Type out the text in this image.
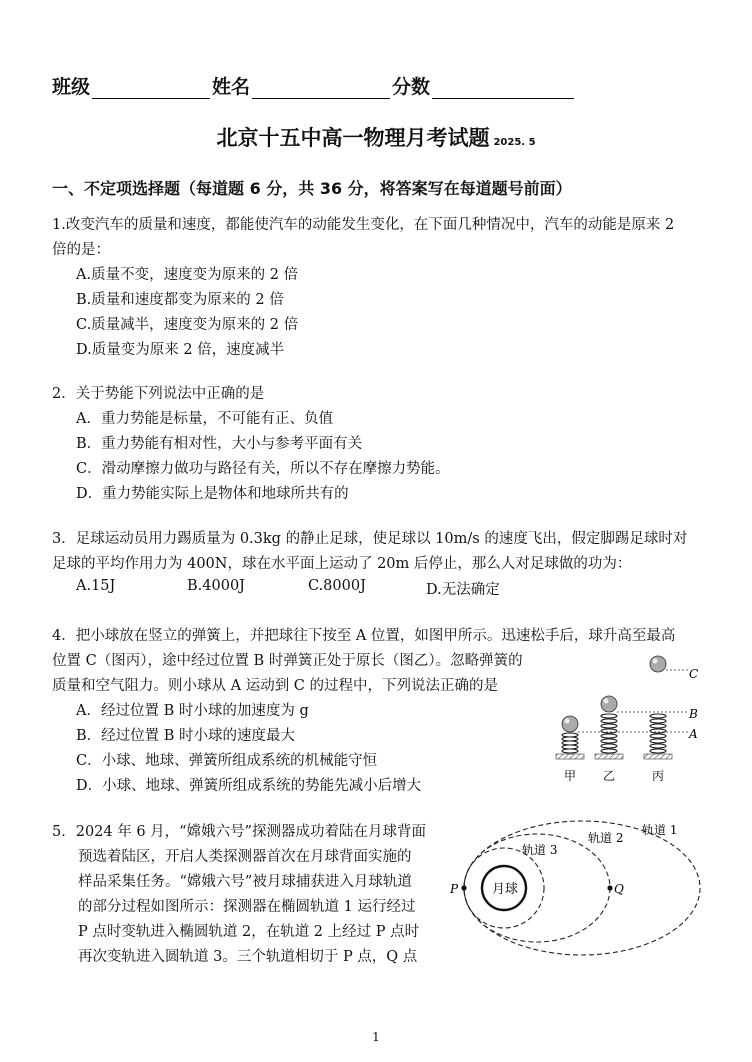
班级	姓名	分数
北京十五中高一物理月考试题 2025. 5
一、不定项选择题（每道题 6 分，共 36 分，将答案写在每道题号前面）
1.改变汽车的质量和速度，都能使汽车的动能发生变化，在下面几种情况中，汽车的动能是原来 2
倍的是：
A.质量不变，速度变为原来的 2 倍
B.质量和速度都变为原来的 2 倍
C.质量减半，速度变为原来的 2 倍
D.质量变为原来 2 倍，速度减半
2．关于势能下列说法中正确的是
A．重力势能是标量，不可能有正、负值
B．重力势能有相对性，大小与参考平面有关
C．滑动摩擦力做功与路径有关，所以不存在摩擦力势能。
D．重力势能实际上是物体和地球所共有的
3．足球运动员用力踢质量为 0.3kg 的静止足球，使足球以 10m/s 的速度飞出，假定脚踢足球时对
足球的平均作用力为 400N，球在水平面上运动了 20m 后停止，那么人对足球做的功为：
A.15J	B.4000J	C.8000J	D.无法确定
4．把小球放在竖立的弹簧上，并把球往下按至 A 位置，如图甲所示。迅速松手后，球升高至最高
位置 C（图丙），途中经过位置 B 时弹簧正处于原长（图乙）。忽略弹簧的
质量和空气阻力。则小球从 A 运动到 C 的过程中，下列说法正确的是
A．经过位置 B 时小球的加速度为 g
B．经过位置 B 时小球的速度最大
C．小球、地球、弹簧所组成系统的机械能守恒
D．小球、地球、弹簧所组成系统的势能先减小后增大
C
B
A
甲 乙	丙
5．2024 年 6 月，“嫦娥六号”探测器成功着陆在月球背面
预选着陆区，开启人类探测器首次在月球背面实施的
样品采集任务。“嫦娥六号”被月球捕获进入月球轨道
的部分过程如图所示：探测器在椭圆轨道 1 运行经过
P 点时变轨进入椭圆轨道 2，在轨道 2 上经过 P 点时
再次变轨进入圆轨道 3。三个轨道相切于 P 点，Q 点
月球
P	Q
轨道 1
轨道 2
轨道 3
1
